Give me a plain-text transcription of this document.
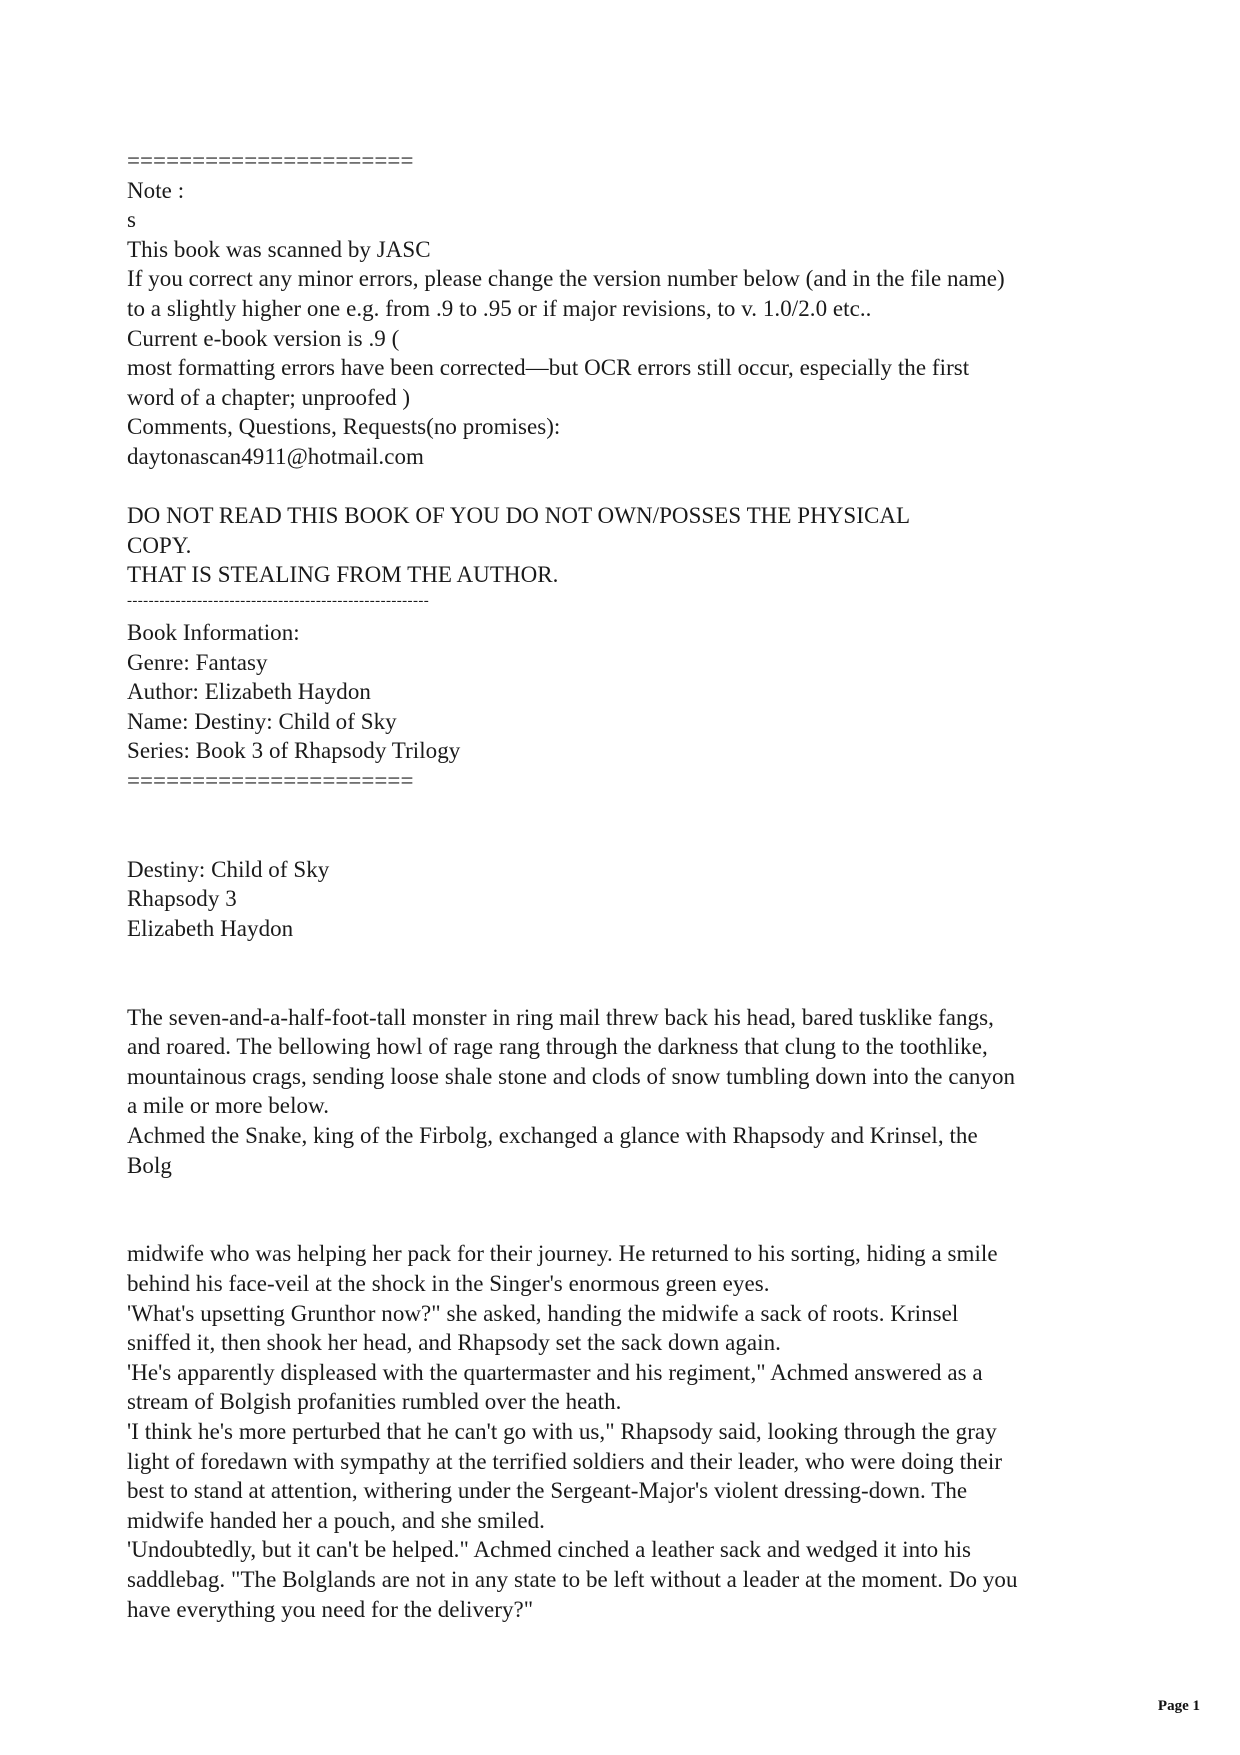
======================
Note :
s
This book was scanned by JASC
If you correct any minor errors, please change the version number below (and in the file name)
to a slightly higher one e.g. from .9 to .95 or if major revisions, to v. 1.0/2.0 etc..
Current e-book version is .9 (
most formatting errors have been corrected—but OCR errors still occur, especially the first
word of a chapter; unproofed )
Comments, Questions, Requests(no promises):
daytonascan4911@hotmail.com
DO NOT READ THIS BOOK OF YOU DO NOT OWN/POSSES THE PHYSICAL
COPY.
THAT IS STEALING FROM THE AUTHOR.
--------------------------------------------------------
Book Information:
Genre: Fantasy
Author: Elizabeth Haydon
Name: Destiny: Child of Sky
Series: Book 3 of Rhapsody Trilogy
======================
Destiny: Child of Sky
Rhapsody 3
Elizabeth Haydon
The seven-and-a-half-foot-tall monster in ring mail threw back his head, bared tusklike fangs,
and roared. The bellowing howl of rage rang through the darkness that clung to the toothlike,
mountainous crags, sending loose shale stone and clods of snow tumbling down into the canyon
a mile or more below.
Achmed the Snake, king of the Firbolg, exchanged a glance with Rhapsody and Krinsel, the
Bolg
midwife who was helping her pack for their journey. He returned to his sorting, hiding a smile
behind his face-veil at the shock in the Singer's enormous green eyes.
'What's upsetting Grunthor now?" she asked, handing the midwife a sack of roots. Krinsel
sniffed it, then shook her head, and Rhapsody set the sack down again.
'He's apparently displeased with the quartermaster and his regiment," Achmed answered as a
stream of Bolgish profanities rumbled over the heath.
'I think he's more perturbed that he can't go with us," Rhapsody said, looking through the gray
light of foredawn with sympathy at the terrified soldiers and their leader, who were doing their
best to stand at attention, withering under the Sergeant-Major's violent dressing-down. The
midwife handed her a pouch, and she smiled.
'Undoubtedly, but it can't be helped." Achmed cinched a leather sack and wedged it into his
saddlebag. "The Bolglands are not in any state to be left without a leader at the moment. Do you
have everything you need for the delivery?"
Page 1
